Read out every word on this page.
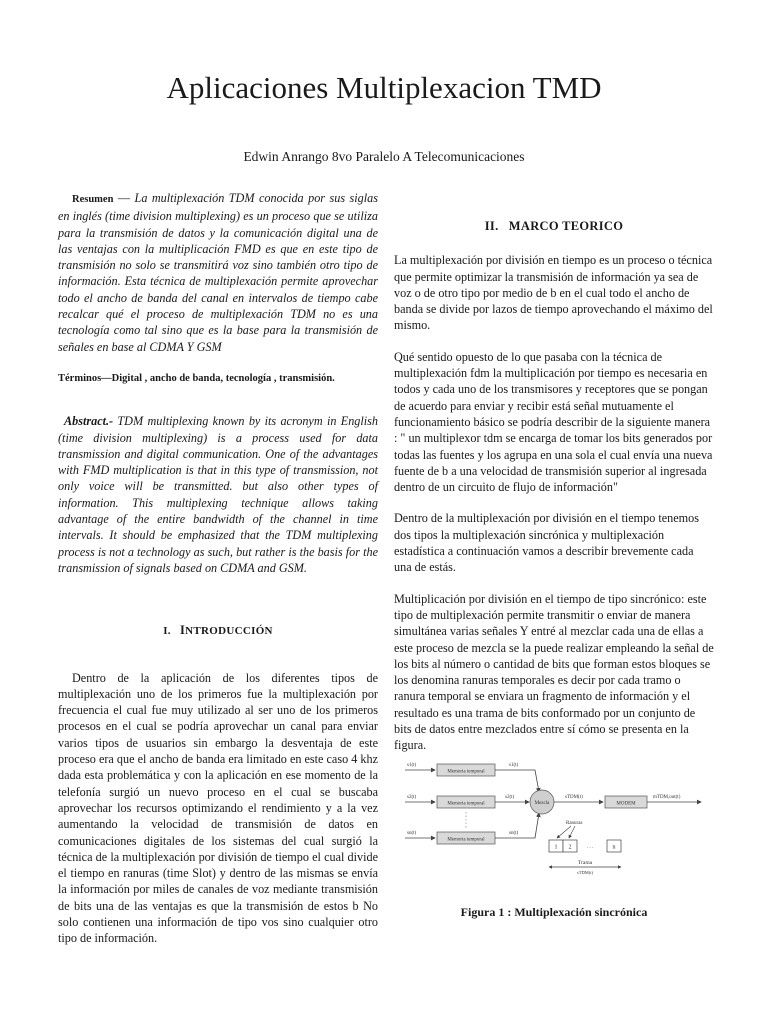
Aplicaciones Multiplexacion TMD
Edwin Anrango 8vo Paralelo A Telecomunicaciones

Resumen — La multiplexación TDM conocida por sus siglas en inglés (time division multiplexing) es un proceso que se utiliza para la transmisión de datos y la comunicación digital una de las ventajas con la multiplicación FMD es que en este tipo de transmisión no solo se transmitirá voz sino también otro tipo de información. Esta técnica de multiplexación permite aprovechar todo el ancho de banda del canal en intervalos de tiempo cabe recalcar qué el proceso de multiplexación TDM no es una tecnología como tal sino que es la base para la transmisión de señales en base al CDMA Y GSM

Términos—Digital , ancho de banda, tecnología , transmisión.

Abstract.- TDM multiplexing known by its acronym in English (time division multiplexing) is a process used for data transmission and digital communication. One of the advantages with FMD multiplication is that in this type of transmission, not only voice will be transmitted. but also other types of information. This multiplexing technique allows taking advantage of the entire bandwidth of the channel in time intervals. It should be emphasized that the TDM multiplexing process is not a technology as such, but rather is the basis for the transmission of signals based on CDMA and GSM.

I. INTRODUCCIÓN

Dentro de la aplicación de los diferentes tipos de multiplexación uno de los primeros fue la multiplexación por frecuencia el cual fue muy utilizado al ser uno de los primeros procesos en el cual se podría aprovechar un canal para enviar varios tipos de usuarios sin embargo la desventaja de este proceso era que el ancho de banda era limitado en este caso 4 khz dada esta problemática y con la aplicación en ese momento de la telefonía surgió un nuevo proceso en el cual se buscaba aprovechar los recursos optimizando el rendimiento y a la vez aumentando la velocidad de transmisión de datos en comunicaciones digitales de los sistemas del cual surgió la técnica de la multiplexación por división de tiempo el cual divide el tiempo en ranuras (time Slot) y dentro de las mismas se envía la información por miles de canales de voz mediante transmisión de bits una de las ventajas es que la transmisión de estos b No solo contienen una información de tipo vos sino cualquier otro tipo de información.

II.   MARCO TEORICO

La multiplexación por división en tiempo es un proceso o técnica que permite optimizar la transmisión de información ya sea de voz o de otro tipo por medio de b en el cual todo el ancho de banda se divide por lazos de tiempo aprovechando el máximo del mismo.

Qué sentido opuesto de lo que pasaba con la técnica de multiplexación fdm la multiplicación por tiempo es necesaria en todos y cada uno de los transmisores y receptores que se pongan de acuerdo para enviar y recibir está señal mutuamente el funcionamiento básico se podría describir de la siguiente manera : " un multiplexor tdm se encarga de tomar los bits generados por todas las fuentes y los agrupa en una sola el cual envía una nueva fuente de b a una velocidad de transmisión superior al ingresada dentro de un circuito de flujo de información"

Dentro de la multiplexación por división en el tiempo tenemos dos tipos la multiplexación sincrónica y multiplexación estadística a continuación vamos a describir brevemente cada una de estás.

Multiplicación por división en el tiempo de tipo sincrónico: este tipo de multiplexación permite transmitir o enviar de manera simultánea varias señales Y entré al mezclar cada una de ellas a este proceso de mezcla se la puede realizar empleando la señal de los bits al número o cantidad de bits que forman estos bloques se los denomina ranuras temporales es decir por cada tramo o ranura temporal se enviara un fragmento de información y el resultado es una trama de bits conformado por un conjunto de bits de datos entre mezclados entre sí cómo se presenta en la figura.

s1(t)
s2(t)
sn(t)
Memoria temporal
Memoria temporal
Memoria temporal
s1(t)
s2(t)
sn(t)
Mezcla
sTDM(t)
MODEM
mTDM,out(t)
Ranuras
1 2	. . .	n
Trama
sTDM(t)
Figura 1 : Multiplexación sincrónica
